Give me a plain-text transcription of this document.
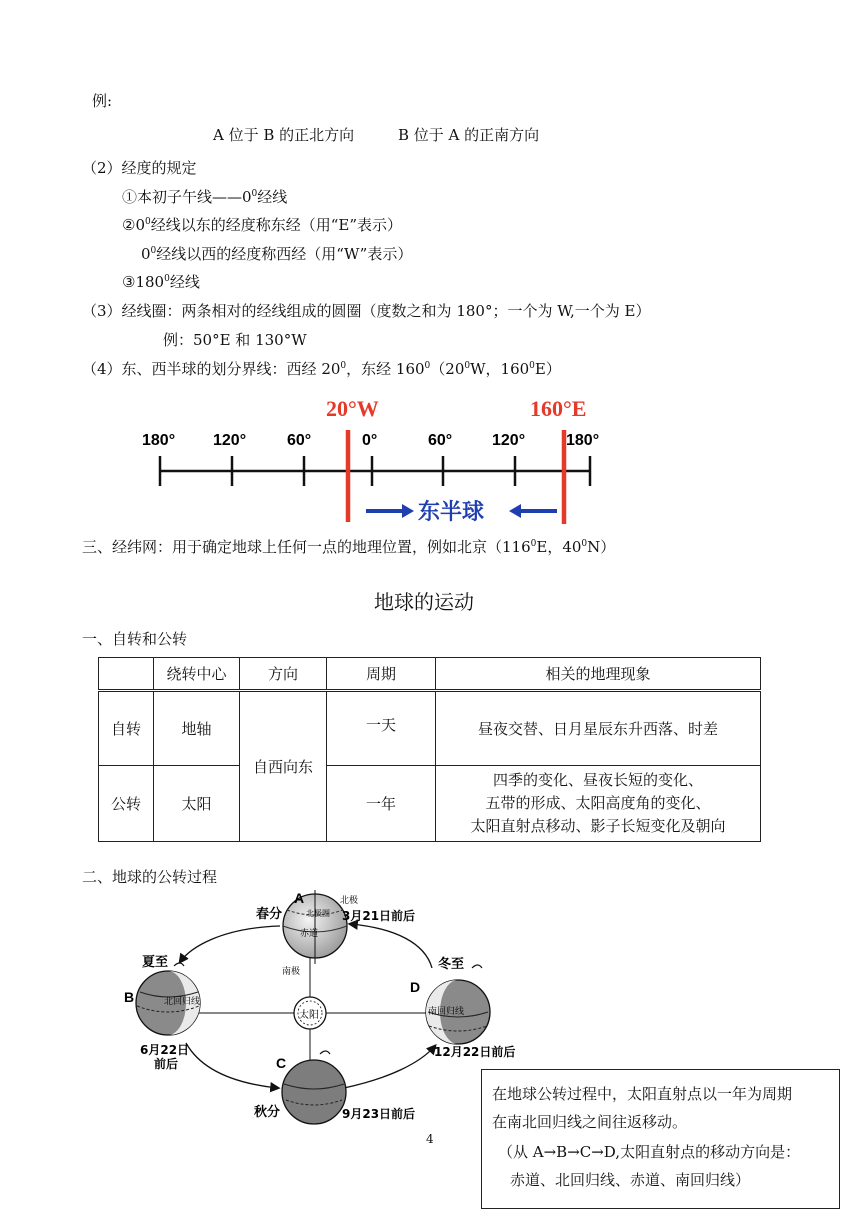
例:
A 位于 B 的正北方向	B 位于 A 的正南方向
（2）经度的规定
①本初子午线$——0^0$经线
$②0^0$经线以东的经度称东经（用“E”表示）
$0^0$经线以西的经度称西经（用“W”表示）
$③180^0$经线
（3）经线圈：两条相对的经线组成的圆圈（度数之和为 180°；一个为 W,一个为 E）
例：50°E 和 130°W
（4）东、西半球的划分界线：西经 $20^0$，东经 $160^0(20^0W$，$160^0E$）
20°W	160°E
180° 120°	60°	0°	60° 120°	180°
东半球
三、经纬网：用于确定地球上任何一点的地理位置，例如北京（$116^0E$，$40^0N$）
地球的运动
一、自转和公转
	绕转中心	方向	周期	相关的地理现象
自转	地轴	自西向东	一天	昼夜交替、日月星辰东升西落、时差
公转	太阳		一年	四季的变化、昼夜长短的变化、
五带的形成、太阳高度角的变化、
太阳直射点移动、影子长短变化及朝向
二、地球的公转过程
太阳
A
春分
北极
3月21日前后
北极圈
赤道
南极
夏至
B	北回归线
6月22日
前后	C
秋分	9月23日前后
冬至
D
南回归线
12月22日前后
4
在地球公转过程中，太阳直射点以一年为周期
在南北回归线之间往返移动。
（从 A→B→C→D,太阳直射点的移动方向是：
赤道、北回归线、赤道、南回归线）
